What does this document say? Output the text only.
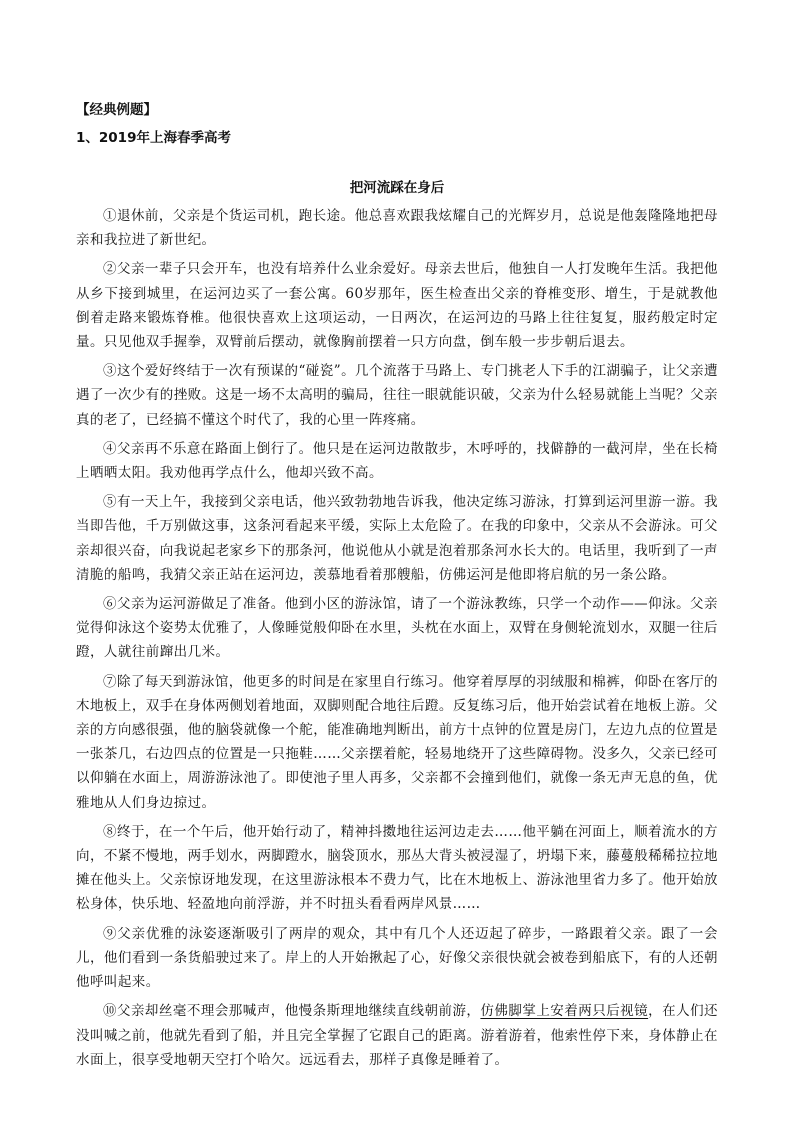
【经典例题】
1、2019年上海春季高考
把河流踩在身后

①退休前，父亲是个货运司机，跑长途。他总喜欢跟我炫耀自己的光辉岁月，总说是他轰隆隆地把母亲和我拉进了新世纪。

②父亲一辈子只会开车，也没有培养什么业余爱好。母亲去世后，他独自一人打发晚年生活。我把他从乡下接到城里，在运河边买了一套公寓。60岁那年，医生检查出父亲的脊椎变形、增生，于是就教他倒着走路来锻炼脊椎。他很快喜欢上这项运动，一日两次，在运河边的马路上往往复复，服药般定时定量。只见他双手握拳，双臂前后摆动，就像胸前摆着一只方向盘，倒车般一步步朝后退去。

③这个爱好终结于一次有预谋的“碰瓷”。几个流落于马路上、专门挑老人下手的江湖骗子，让父亲遭遇了一次少有的挫败。这是一场不太高明的骗局，往往一眼就能识破，父亲为什么轻易就能上当呢？父亲真的老了，已经搞不懂这个时代了，我的心里一阵疼痛。

④父亲再不乐意在路面上倒行了。他只是在运河边散散步，木呼呼的，找僻静的一截河岸，坐在长椅上晒晒太阳。我劝他再学点什么，他却兴致不高。

⑤有一天上午，我接到父亲电话，他兴致勃勃地告诉我，他决定练习游泳，打算到运河里游一游。我当即告他，千万别做这事，这条河看起来平缓，实际上太危险了。在我的印象中，父亲从不会游泳。可父亲却很兴奋，向我说起老家乡下的那条河，他说他从小就是泡着那条河水长大的。电话里，我听到了一声清脆的船鸣，我猜父亲正站在运河边，羡慕地看着那艘船，仿佛运河是他即将启航的另一条公路。

⑥父亲为运河游做足了准备。他到小区的游泳馆，请了一个游泳教练，只学一个动作——仰泳。父亲觉得仰泳这个姿势太优雅了，人像睡觉般仰卧在水里，头枕在水面上，双臂在身侧轮流划水，双腿一往后蹬，人就往前蹿出几米。

⑦除了每天到游泳馆，他更多的时间是在家里自行练习。他穿着厚厚的羽绒服和棉裤，仰卧在客厅的木地板上，双手在身体两侧划着地面，双脚则配合地往后蹬。反复练习后，他开始尝试着在地板上游。父亲的方向感很强，他的脑袋就像一个舵，能准确地判断出，前方十点钟的位置是房门，左边九点的位置是一张茶几，右边四点的位置是一只拖鞋……父亲摆着舵，轻易地绕开了这些障碍物。没多久，父亲已经可以仰躺在水面上，周游游泳池了。即使池子里人再多，父亲都不会撞到他们，就像一条无声无息的鱼，优雅地从人们身边掠过。

⑧终于，在一个午后，他开始行动了，精神抖擞地往运河边走去……他平躺在河面上，顺着流水的方向，不紧不慢地，两手划水，两脚蹬水，脑袋顶水，那丛大背头被浸湿了，坍塌下来，藤蔓般稀稀拉拉地摊在他头上。父亲惊讶地发现，在这里游泳根本不费力气，比在木地板上、游泳池里省力多了。他开始放松身体，快乐地、轻盈地向前浮游，并不时扭头看看两岸风景……

⑨父亲优雅的泳姿逐渐吸引了两岸的观众，其中有几个人还迈起了碎步，一路跟着父亲。跟了一会儿，他们看到一条货船驶过来了。岸上的人开始揪起了心，好像父亲很快就会被卷到船底下，有的人还朝他呼叫起来。

⑩父亲却丝毫不理会那喊声，他慢条斯理地继续直线朝前游，仿佛脚掌上安着两只后视镜，在人们还没叫喊之前，他就先看到了船，并且完全掌握了它跟自己的距离。游着游着，他索性停下来，身体静止在水面上，很享受地朝天空打个哈欠。远远看去，那样子真像是睡着了。
